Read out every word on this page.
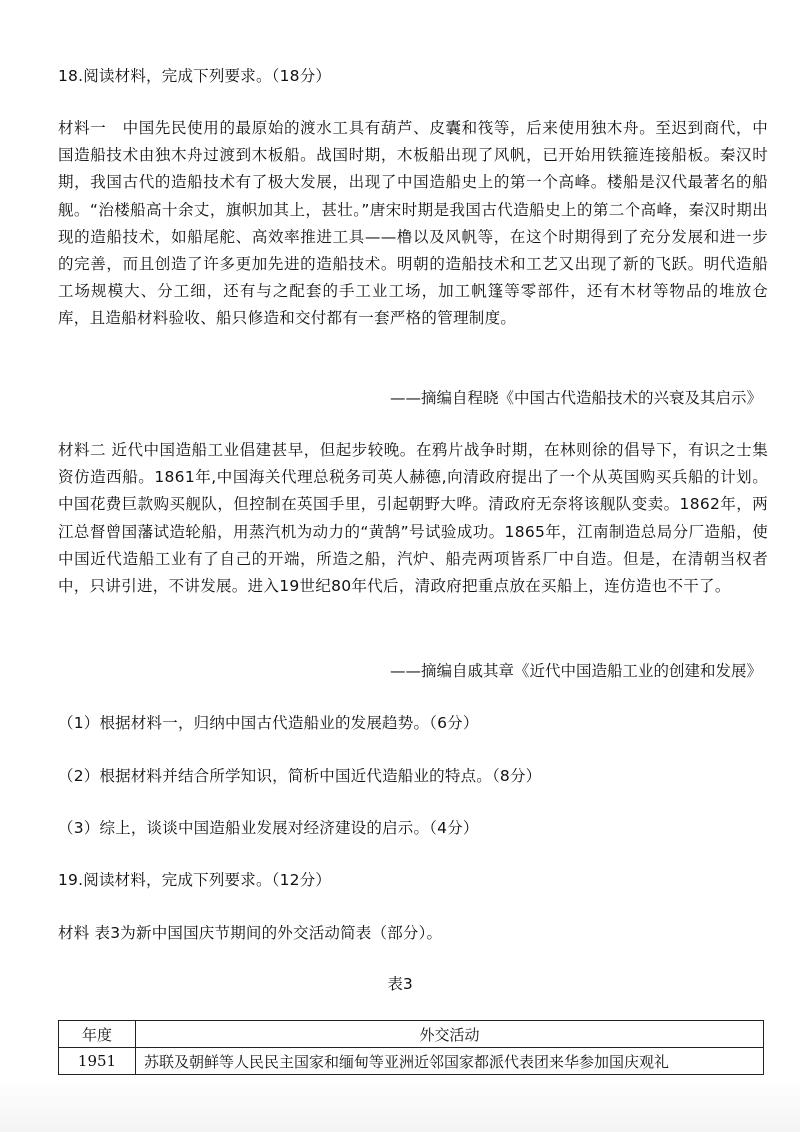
18.阅读材料，完成下列要求。（18分）
材料一　中国先民使用的最原始的渡水工具有葫芦、皮囊和筏等，后来使用独木舟。至迟到商代，中国造船技术由独木舟过渡到木板船。战国时期，木板船出现了风帆，已开始用铁箍连接船板。秦汉时期，我国古代的造船技术有了极大发展，出现了中国造船史上的第一个高峰。楼船是汉代最著名的船舰。“治楼船高十余丈，旗帜加其上，甚壮。”唐宋时期是我国古代造船史上的第二个高峰，秦汉时期出现的造船技术，如船尾舵、高效率推进工具——橹以及风帆等，在这个时期得到了充分发展和进一步的完善，而且创造了许多更加先进的造船技术。明朝的造船技术和工艺又出现了新的飞跃。明代造船工场规模大、分工细，还有与之配套的手工业工场，加工帆篷等零部件，还有木材等物品的堆放仓库，且造船材料验收、船只修造和交付都有一套严格的管理制度。
——摘编自程晓《中国古代造船技术的兴衰及其启示》
材料二 近代中国造船工业倡建甚早，但起步较晚。在鸦片战争时期，在林则徐的倡导下，有识之士集资仿造西船。1861年,中国海关代理总税务司英人赫德,向清政府提出了一个从英国购买兵船的计划。中国花费巨款购买舰队，但控制在英国手里，引起朝野大哗。清政府无奈将该舰队变卖。1862年，两江总督曾国藩试造轮船，用蒸汽机为动力的“黄鹄”号试验成功。1865年，江南制造总局分厂造船，使中国近代造船工业有了自己的开端，所造之船，汽炉、船壳两项皆系厂中自造。但是，在清朝当权者中，只讲引进，不讲发展。进入19世纪80年代后，清政府把重点放在买船上，连仿造也不干了。
——摘编自戚其章《近代中国造船工业的创建和发展》
（1）根据材料一，归纳中国古代造船业的发展趋势。（6分）
（2）根据材料并结合所学知识，简析中国近代造船业的特点。（8分）
（3）综上，谈谈中国造船业发展对经济建设的启示。（4分）
19.阅读材料，完成下列要求。（12分）
材料 表3为新中国国庆节期间的外交活动简表（部分）。
表3
年度	外交活动
1951	苏联及朝鲜等人民民主国家和缅甸等亚洲近邻国家都派代表团来华参加国庆观礼
